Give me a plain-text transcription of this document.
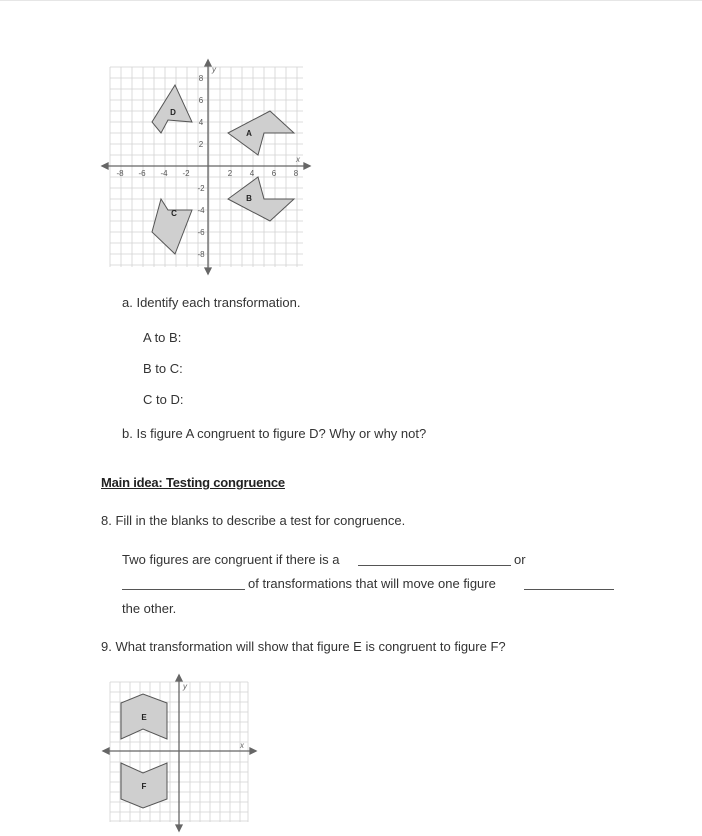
y
x
-8 -6 -4 -2	2 4 6 8
8
6
4
2
-2
-4
-6
-8
D
A
B
C
a. Identify each transformation.
A to B:
B to C:
C to D:
b. Is figure A congruent to figure D? Why or why not?
Main idea: Testing congruence
8. Fill in the blanks to describe a test for congruence.
Two figures are congruent if there is a	or
of transformations that will move one figure
the other.
9. What transformation will show that figure E is congruent to figure F?
y
x
E
F
